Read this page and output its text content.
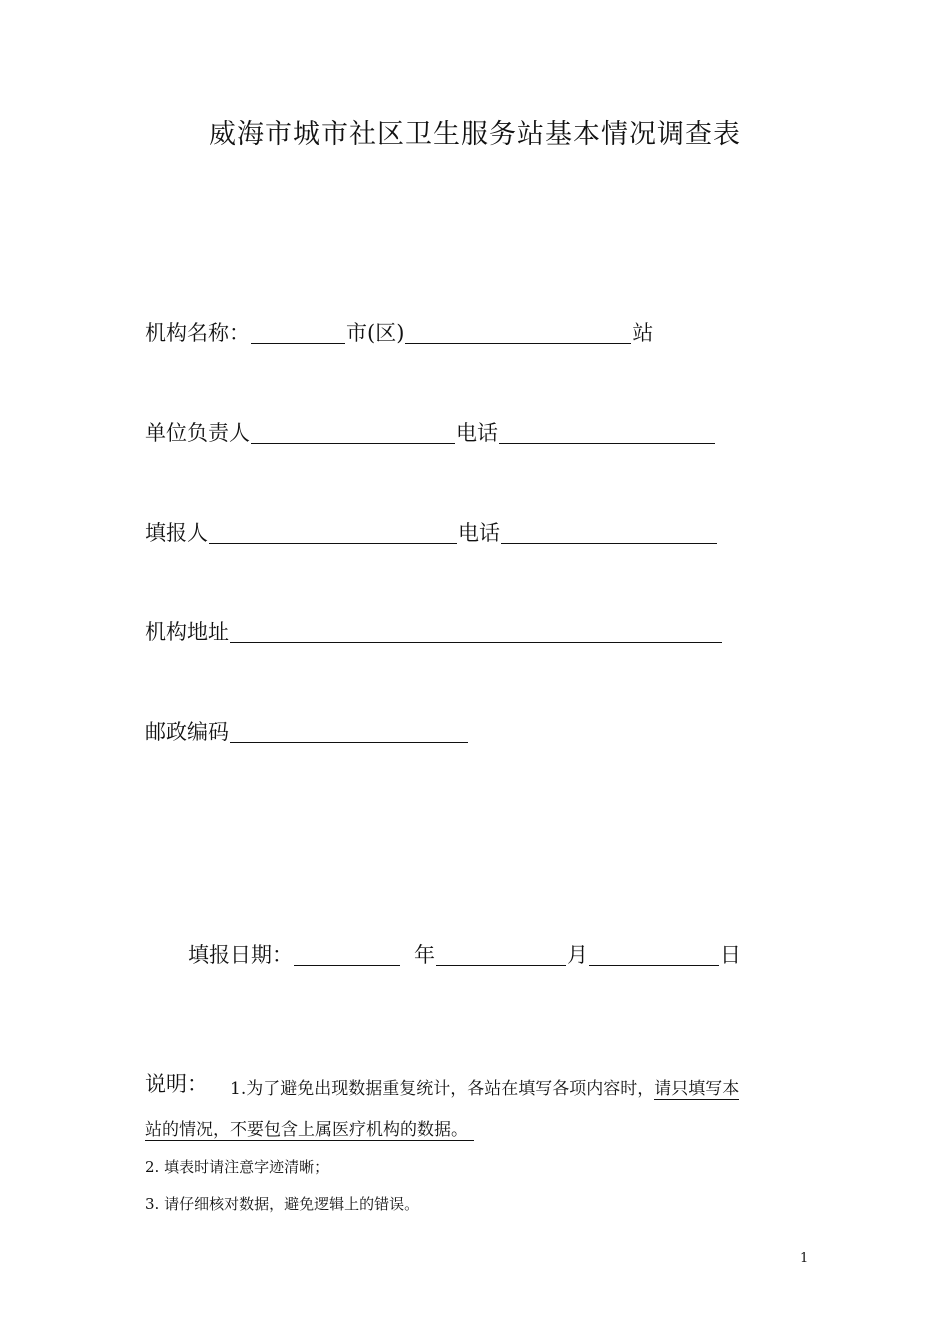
威海市城市社区卫生服务站基本情况调查表
机构名称：	市(区)	站
单位负责人	电话
填报人	电话
机构地址
邮政编码
填报日期：	年	月	日
说明： 1.为了避免出现数据重复统计，各站在填写各项内容时，请只填写本
站的情况，不要包含上属医疗机构的数据。
2. 填表时请注意字迹清晰；
3. 请仔细核对数据，避免逻辑上的错误。
1
